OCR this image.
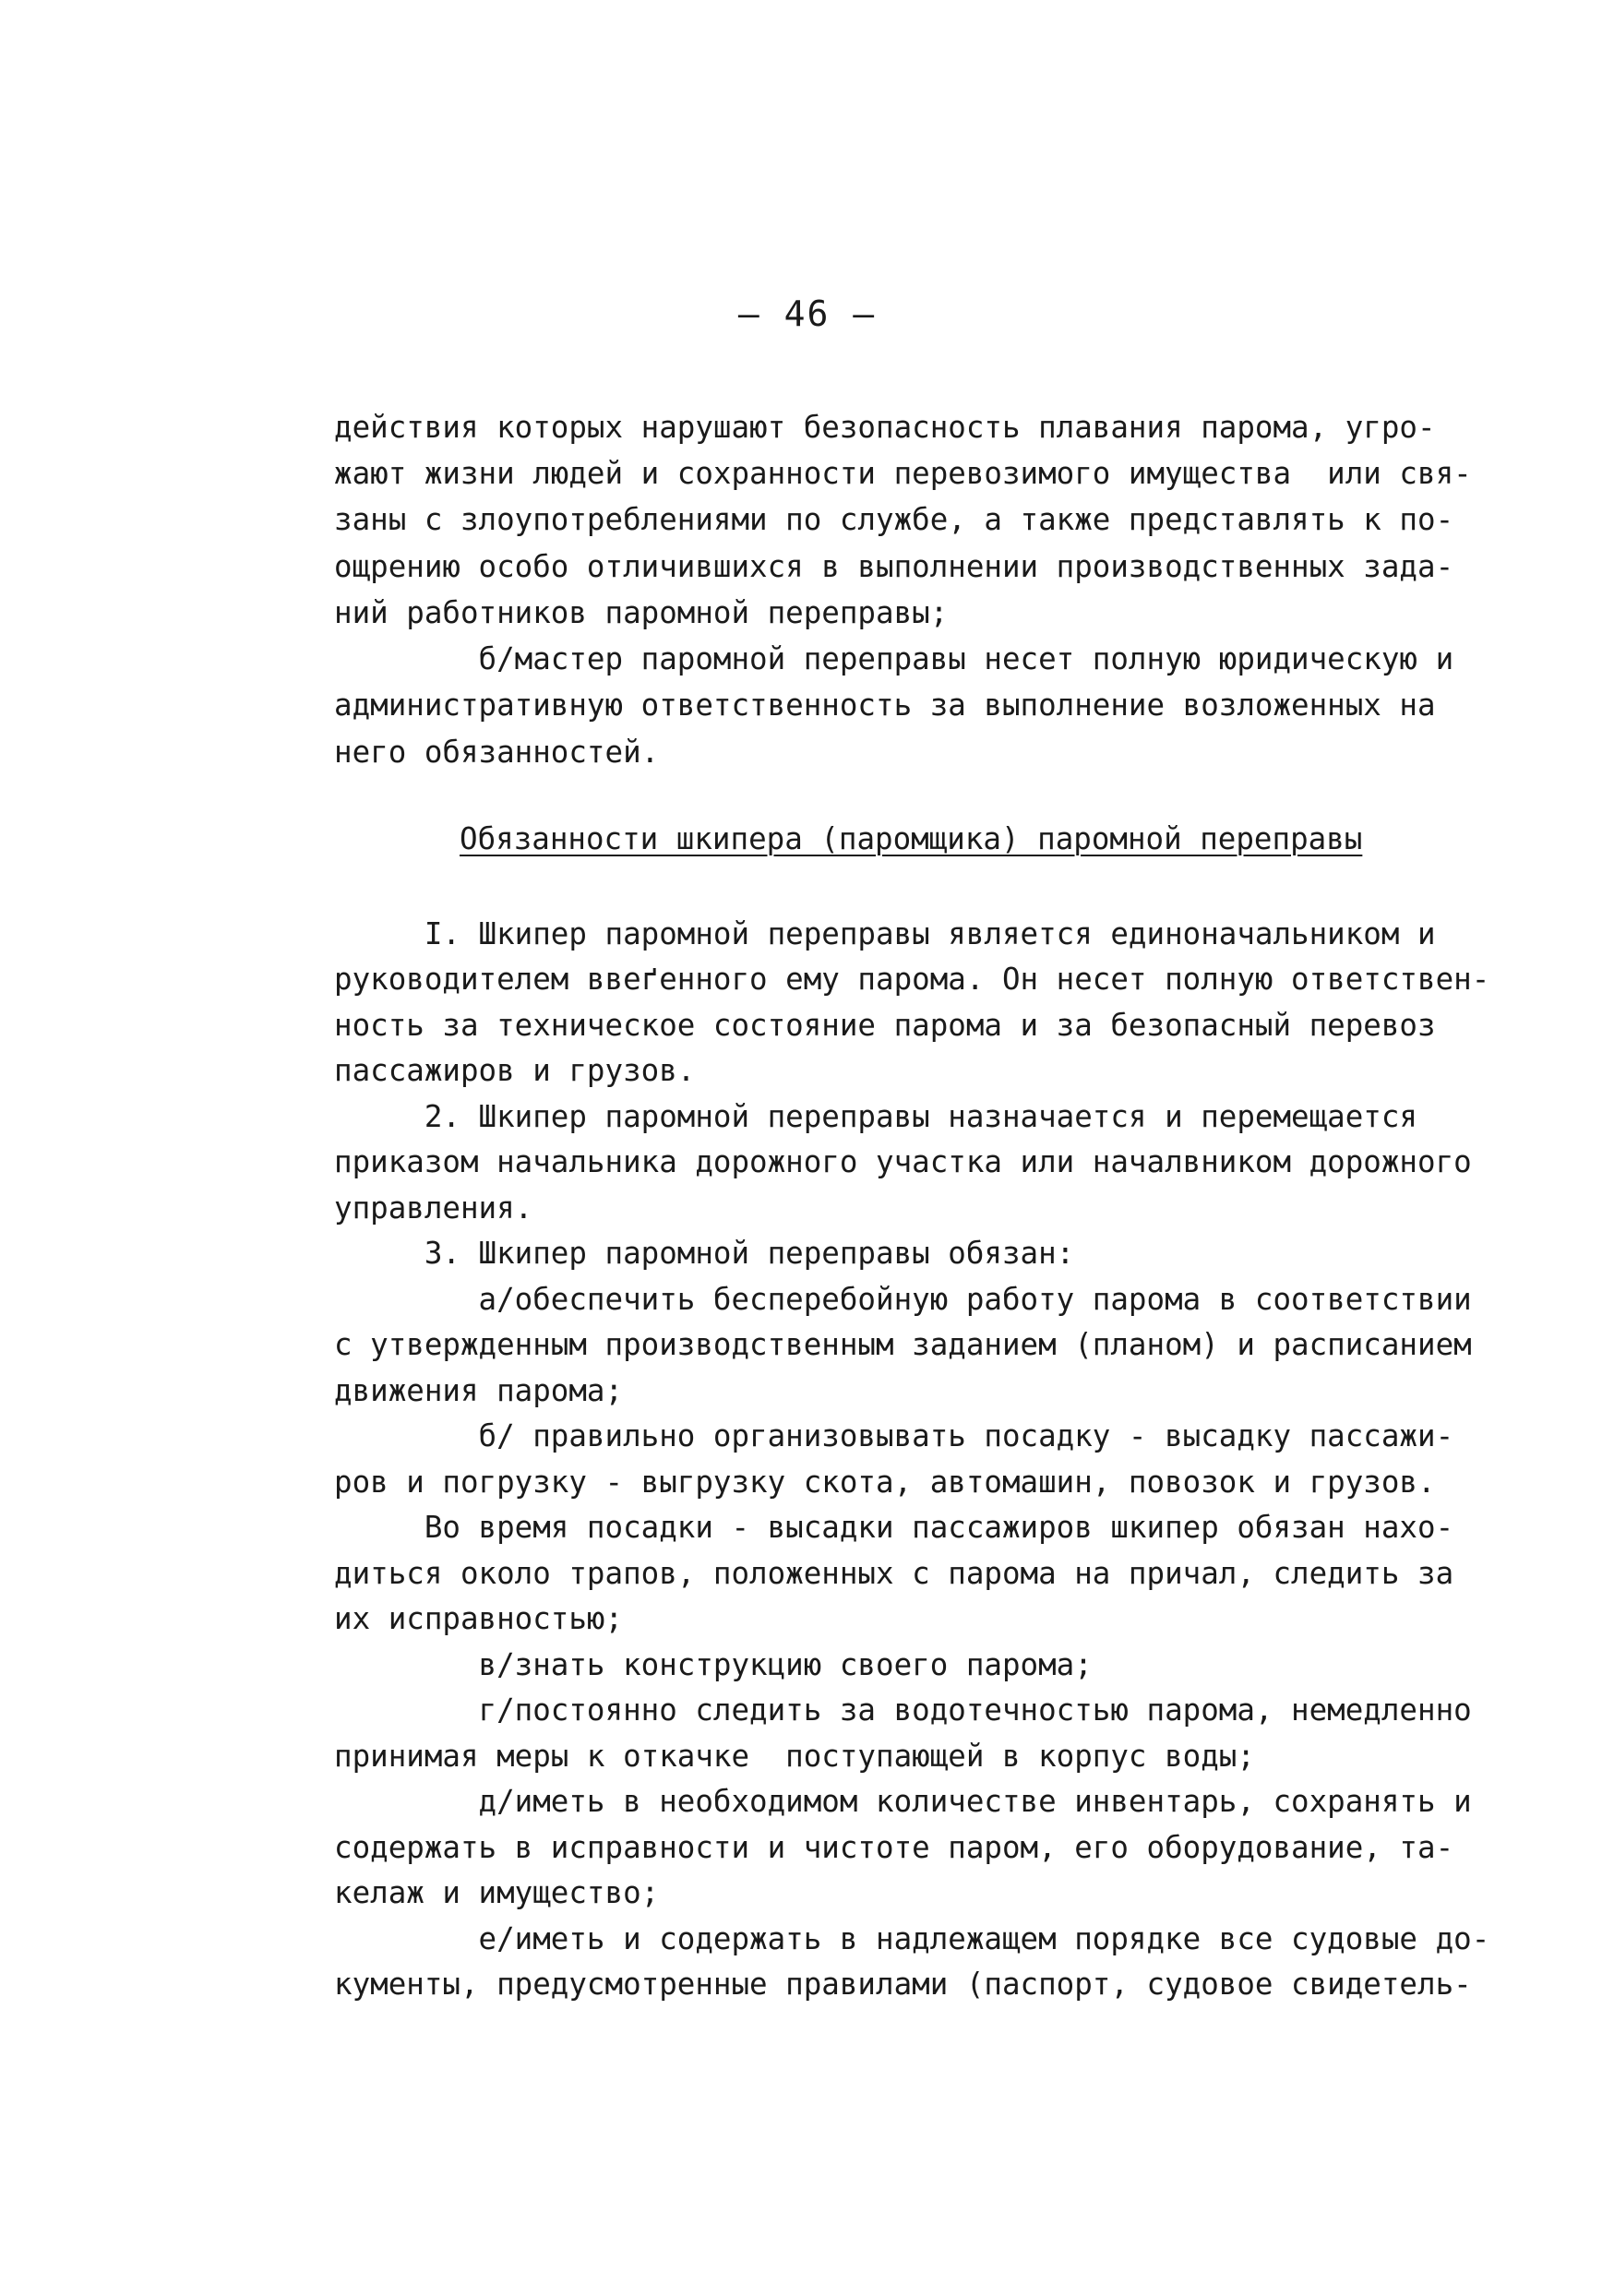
— 46 —
действия которых нарушают безопасность плавания парома, угро-
жают жизни людей и сохранности перевозимого имущества  или свя-
заны с злоупотреблениями по службе, а также представлять к по-
ощрению особо отличившихся в выполнении производственных зада-
ний работников паромной переправы;
б/мастер паромной переправы несет полную юридическую и
административную ответственность за выполнение возложенных на
него обязанностей.
Обязанности шкипера (паромщика) паромной переправы
I. Шкипер паромной переправы является единоначальником и
руководителем ввеґенного ему парома. Он несет полную ответствен-
ность за техническое состояние парома и за безопасный перевоз
пассажиров и грузов.
2. Шкипер паромной переправы назначается и перемещается
приказом начальника дорожного участка или началвником дорожного
управления.
3. Шкипер паромной переправы обязан:
а/обеспечить бесперебойную работу парома в соответствии
с утвержденным производственным заданием (планом) и расписанием
движения парома;
б/ правильно организовывать посадку - высадку пассажи-
ров и погрузку - выгрузку скота, автомашин, повозок и грузов.
Во время посадки - высадки пассажиров шкипер обязан нахо-
диться около трапов, положенных с парома на причал, следить за
их исправностью;
в/знать конструкцию своего парома;
г/постоянно следить за водотечностью парома, немедленно
принимая меры к откачке  поступающей в корпус воды;
д/иметь в необходимом количестве инвентарь, сохранять и
содержать в исправности и чистоте паром, его оборудование, та-
келаж и имущество;
е/иметь и содержать в надлежащем порядке все судовые до-
кументы, предусмотренные правилами (паспорт, судовое свидетель-
